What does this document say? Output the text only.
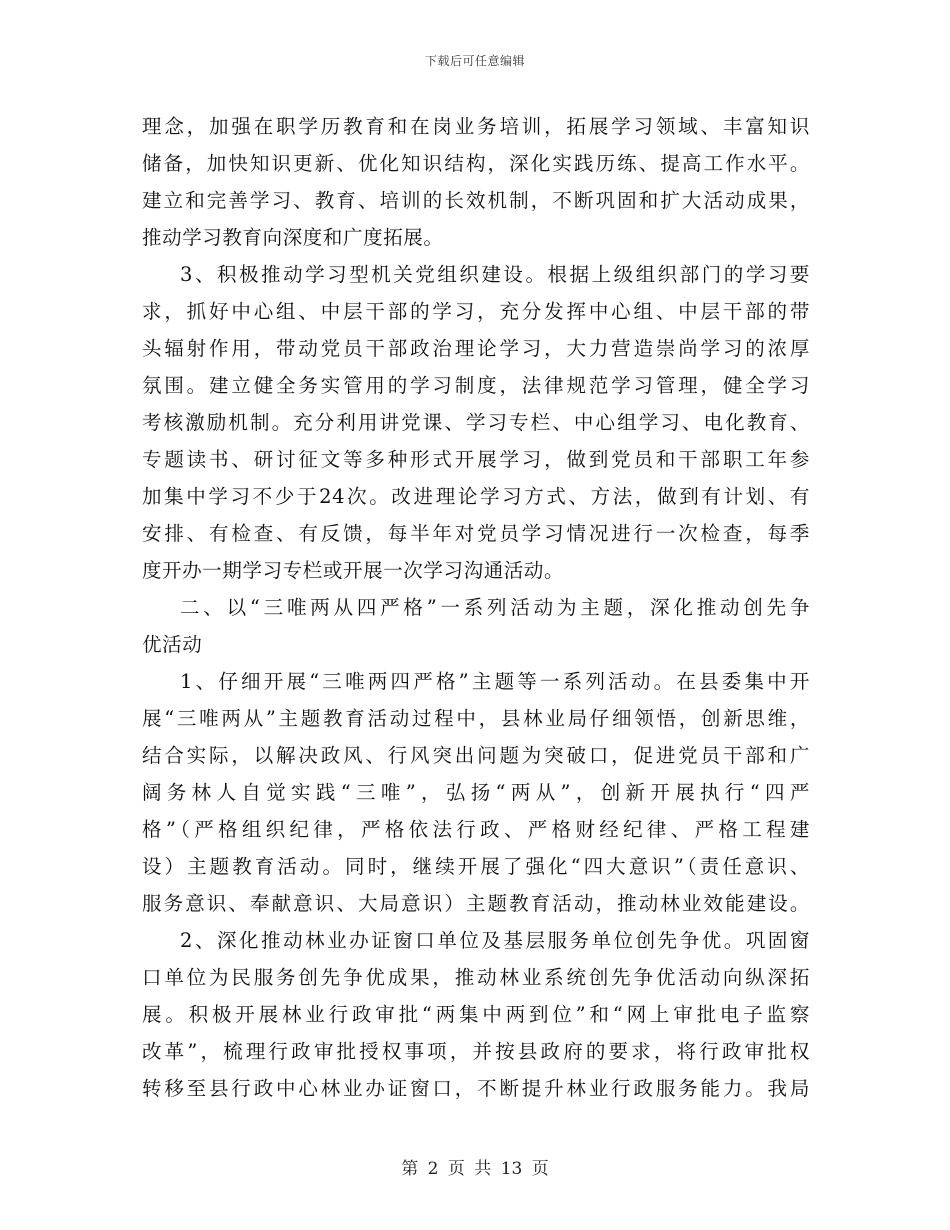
下载后可任意编辑
理念，加强在职学历教育和在岗业务培训，拓展学习领域、丰富知识
储备，加快知识更新、优化知识结构，深化实践历练、提高工作水平。
建立和完善学习、教育、培训的长效机制，不断巩固和扩大活动成果，
推动学习教育向深度和广度拓展。
3、积极推动学习型机关党组织建设。根据上级组织部门的学习要
求，抓好中心组、中层干部的学习，充分发挥中心组、中层干部的带
头辐射作用，带动党员干部政治理论学习，大力营造崇尚学习的浓厚
氛围。建立健全务实管用的学习制度，法律规范学习管理，健全学习
考核激励机制。充分利用讲党课、学习专栏、中心组学习、电化教育、
专题读书、研讨征文等多种形式开展学习，做到党员和干部职工年参
加集中学习不少于24次。改进理论学习方式、方法，做到有计划、有
安排、有检查、有反馈，每半年对党员学习情况进行一次检查，每季
度开办一期学习专栏或开展一次学习沟通活动。
二、以“三唯两从四严格”一系列活动为主题，深化推动创先争
优活动
1、仔细开展“三唯两四严格”主题等一系列活动。在县委集中开
展“三唯两从”主题教育活动过程中，县林业局仔细领悟，创新思维，
结合实际，以解决政风、行风突出问题为突破口，促进党员干部和广
阔务林人自觉实践“三唯”，弘扬“两从”，创新开展执行“四严
格”（严格组织纪律，严格依法行政、严格财经纪律、严格工程建
设）主题教育活动。同时，继续开展了强化“四大意识”（责任意识、
服务意识、奉献意识、大局意识）主题教育活动，推动林业效能建设。
2、深化推动林业办证窗口单位及基层服务单位创先争优。巩固窗
口单位为民服务创先争优成果，推动林业系统创先争优活动向纵深拓
展。积极开展林业行政审批“两集中两到位”和“网上审批电子监察
改革”，梳理行政审批授权事项，并按县政府的要求，将行政审批权
转移至县行政中心林业办证窗口，不断提升林业行政服务能力。我局
第 2 页 共 13 页
